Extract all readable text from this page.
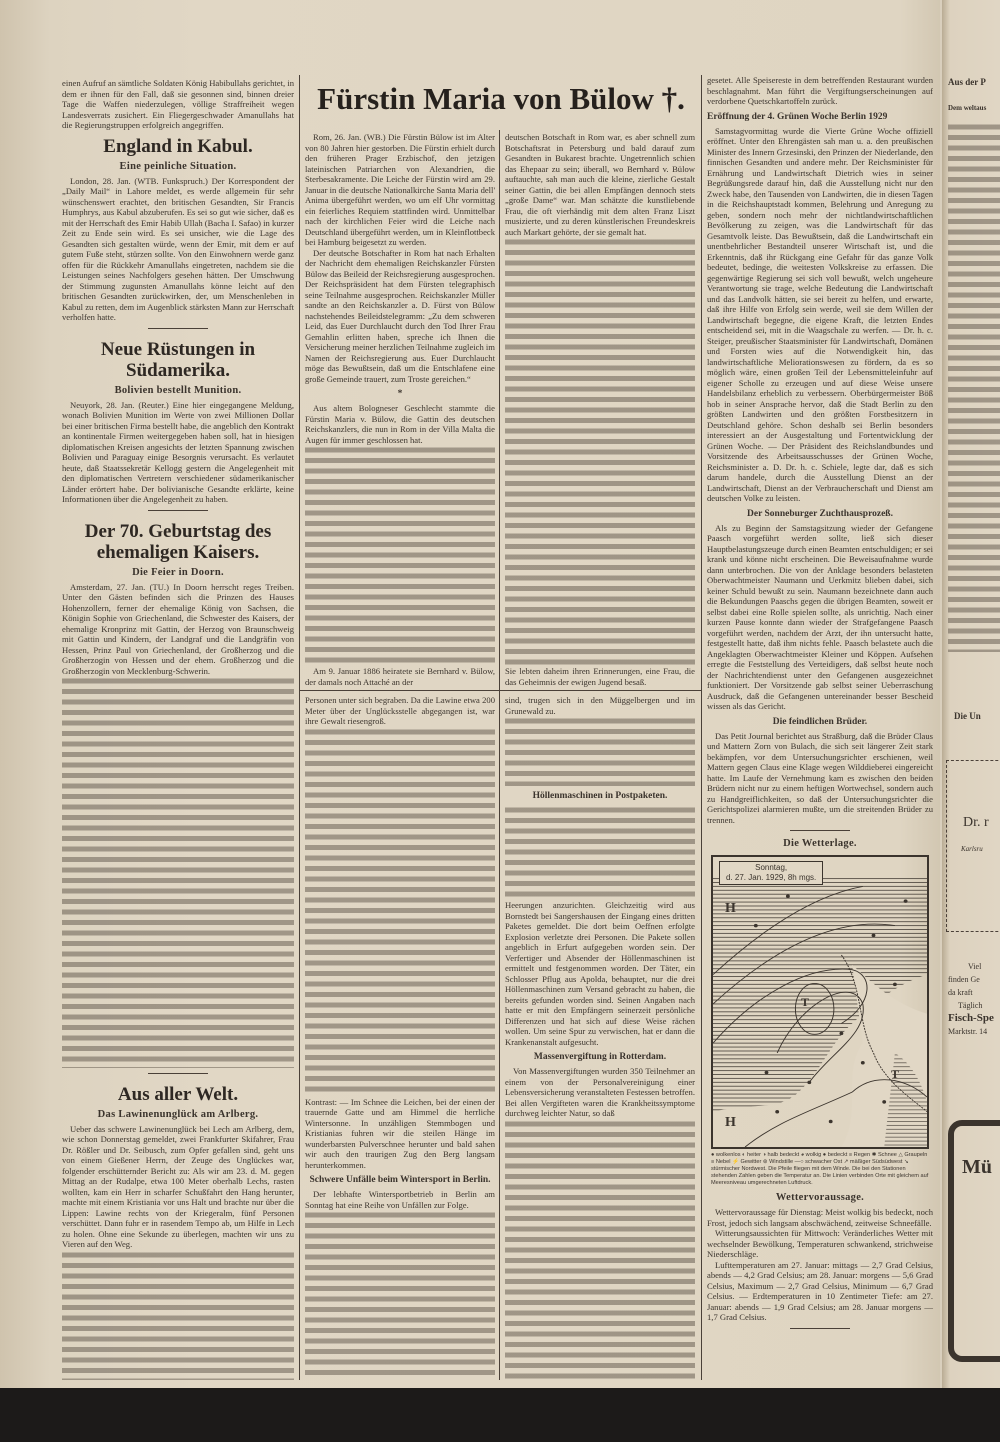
Fürstin Maria von Bülow †.

einen Aufruf an sämtliche Soldaten König Habibullahs gerichtet, in dem er ihnen für den Fall, daß sie gesonnen sind, binnen dreier Tage die Waffen niederzulegen, völlige Straffreiheit wegen Landesverrats zusichert. Ein Fliegergeschwader Amanullahs hat die Regierungstruppen erfolgreich angegriffen.

England in Kabul.
Eine peinliche Situation.

London, 28. Jan. (WTB. Funkspruch.) Der Korrespondent der „Daily Mail“ in Lahore meldet, es werde allgemein für sehr wünschenswert erachtet, den britischen Gesandten, Sir Francis Humphrys, aus Kabul abzuberufen. Es sei so gut wie sicher, daß es mit der Herrschaft des Emir Habib Ullah (Bacha I. Safao) in kurzer Zeit zu Ende sein wird. Es sei unsicher, wie die Lage des Gesandten sich gestalten würde, wenn der Emir, mit dem er auf gutem Fuße steht, stürzen sollte. Von den Einwohnern werde ganz offen für die Rückkehr Amanullahs eingetreten, nachdem sie die Leistungen seines Nachfolgers gesehen hätten. Der Umschwung der Stimmung zugunsten Amanullahs könne leicht auf den britischen Gesandten zurückwirken, der, um Menschenleben in Kabul zu retten, dem im Augenblick stärksten Mann zur Herrschaft verholfen hatte.

Neue Rüstungen in Südamerika.
Bolivien bestellt Munition.

Neuyork, 28. Jan. (Reuter.) Eine hier eingegangene Meldung, wonach Bolivien Munition im Werte von zwei Millionen Dollar bei einer britischen Firma bestellt habe, die angeblich den Kontrakt an kontinentale Firmen weitergegeben haben soll, hat in hiesigen diplomatischen Kreisen angesichts der letzten Spannung zwischen Bolivien und Paraguay einige Besorgnis verursacht. Es verlautet heute, daß Staatssekretär Kellogg gestern die Angelegenheit mit den diplomatischen Vertretern verschiedener südamerikanischer Länder erörtert habe. Der bolivianische Gesandte erklärte, keine Informationen über die Angelegenheit zu haben.

Der 70. Geburtstag des ehemaligen Kaisers.
Die Feier in Doorn.

Amsterdam, 27. Jan. (TU.) In Doorn herrscht reges Treiben. Unter den Gästen befinden sich die Prinzen des Hauses Hohenzollern, ferner der ehemalige König von Sachsen, die Königin Sophie von Griechenland, die Schwester des Kaisers, der ehemalige Kronprinz mit Gattin, der Herzog von Braunschweig mit Gattin und Kindern, der Landgraf und die Landgräfin von Hessen, Prinz Paul von Griechenland, der Großherzog und die Großherzogin von Hessen und der ehem. Großherzog und die Großherzogin von Mecklenburg-Schwerin.

Aus aller Welt.
Das Lawinenunglück am Arlberg.

Ueber das schwere Lawinenunglück bei Lech am Arlberg, dem, wie schon Donnerstag gemeldet, zwei Frankfurter Skifahrer, Frau Dr. Rößler und Dr. Seibusch, zum Opfer gefallen sind, geht uns von einem Gießener Herrn, der Zeuge des Unglückes war, folgender erschütternder Bericht zu: Als wir am 23. d. M. gegen Mittag an der Rudalpe, etwa 100 Meter oberhalb Lechs, rasten wollten, kam ein Herr in scharfer Schußfahrt den Hang herunter, machte mit einem Kristiania vor uns Halt und brachte nur über die Lippen: Lawine rechts von der Kriegeralm, fünf Personen verschüttet. Dann fuhr er in rasendem Tempo ab, um Hilfe in Lech zu holen. Ohne eine Sekunde zu überlegen, machten wir uns zu Vieren auf den Weg.

Rom, 26. Jan. (WB.) Die Fürstin Bülow ist im Alter von 80 Jahren hier gestorben. Die Fürstin erhielt durch den früheren Prager Erzbischof, den jetzigen lateinischen Patriarchen von Alexandrien, die Sterbesakramente. Die Leiche der Fürstin wird am 29. Januar in die deutsche Nationalkirche Santa Maria dell' Anima übergeführt werden, wo um elf Uhr vormittag ein feierliches Requiem stattfinden wird. Unmittelbar nach der kirchlichen Feier wird die Leiche nach Deutschland übergeführt werden, um in Kleinflottbeck bei Hamburg beigesetzt zu werden.

Der deutsche Botschafter in Rom hat nach Erhalten der Nachricht dem ehemaligen Reichskanzler Fürsten Bülow das Beileid der Reichsregierung ausgesprochen. Der Reichspräsident hat dem Fürsten telegraphisch seine Teilnahme ausgesprochen. Reichskanzler Müller sandte an den Reichskanzler a. D. Fürst von Bülow nachstehendes Beileidstelegramm: „Zu dem schweren Leid, das Euer Durchlaucht durch den Tod Ihrer Frau Gemahlin erlitten haben, spreche ich Ihnen die Versicherung meiner herzlichen Teilnahme zugleich im Namen der Reichsregierung aus. Euer Durchlaucht möge das Bewußtsein, daß um die Entschlafene eine große Gemeinde trauert, zum Troste gereichen.“

*

Aus altem Bologneser Geschlecht stammte die Fürstin Maria v. Bülow, die Gattin des deutschen Reichskanzlers, die nun in Rom in der Villa Malta die Augen für immer geschlossen hat.

Am 9. Januar 1886 heiratete sie Bernhard v. Bülow, der damals noch Attaché an der

deutschen Botschaft in Rom war, es aber schnell zum Botschaftsrat in Petersburg und bald darauf zum Gesandten in Bukarest brachte. Ungetrennlich schien das Ehepaar zu sein; überall, wo Bernhard v. Bülow auftauchte, sah man auch die kleine, zierliche Gestalt seiner Gattin, die bei allen Empfängen dennoch stets „große Dame“ war. Man schätzte die kunstliebende Frau, die oft vierhändig mit dem alten Franz Liszt musizierte, und zu deren künstlerischen Freundeskreis auch Markart gehörte, der sie gemalt hat.

Sie lebten daheim ihren Erinnerungen, eine Frau, die das Geheimnis der ewigen Jugend besaß.

Personen unter sich begraben. Da die Lawine etwa 200 Meter über der Unglücksstelle abgegangen ist, war ihre Gewalt riesengroß.

Kontrast: — Im Schnee die Leichen, bei der einen der trauernde Gatte und am Himmel die herrliche Wintersonne. In unzähligen Stemmbogen und Kristianias fuhren wir die steilen Hänge im wunderbarsten Pulverschnee herunter und bald sahen wir auch den traurigen Zug den Berg langsam herunterkommen.

Schwere Unfälle beim Wintersport in Berlin.

Der lebhafte Wintersportbetrieb in Berlin am Sonntag hat eine Reihe von Unfällen zur Folge.

sind, trugen sich in den Müggelbergen und im Grunewald zu.

Höllenmaschinen in Postpaketen.

Heerungen anzurichten. Gleichzeitig wird aus Bornstedt bei Sangershausen der Eingang eines dritten Paketes gemeldet. Die dort beim Oeffnen erfolgte Explosion verletzte drei Personen. Die Pakete sollen angeblich in Erfurt aufgegeben worden sein. Der Verfertiger und Absender der Höllenmaschinen ist ermittelt und festgenommen worden. Der Täter, ein Schlosser Pflug aus Apolda, behauptet, nur die drei Höllenmaschinen zum Versand gebracht zu haben, die bereits gefunden worden sind. Seinen Angaben nach hatte er mit den Empfängern seinerzeit persönliche Differenzen und hat sich auf diese Weise rächen wollen. Um seine Spur zu verwischen, hat er dann die Krankenanstalt aufgesucht.

Massenvergiftung in Rotterdam.

Von Massenvergiftungen wurden 350 Teilnehmer an einem von der Personalvereinigung einer Lebensversicherung veranstalteten Festessen betroffen. Bei allen Vergifteten waren die Krankheitssymptome durchweg leichter Natur, so daß

gesetet. Alle Speisereste in dem betreffenden Restaurant wurden beschlagnahmt. Man führt die Vergiftungserscheinungen auf verdorbene Quetschkartoffeln zurück.

Eröffnung der 4. Grünen Woche Berlin 1929

Samstagvormittag wurde die Vierte Grüne Woche offiziell eröffnet. Unter den Ehrengästen sah man u. a. den preußischen Minister des Innern Grzesinski, den Prinzen der Niederlande, den finnischen Gesandten und andere mehr. Der Reichsminister für Ernährung und Landwirtschaft Dietrich wies in seiner Begrüßungsrede darauf hin, daß die Ausstellung nicht nur den Zweck habe, den Tausenden von Landwirten, die in diesen Tagen in die Reichshauptstadt kommen, Belehrung und Anregung zu geben, sondern noch mehr der nichtlandwirtschaftlichen Bevölkerung zu zeigen, was die Landwirtschaft für das Gesamtvolk leiste. Das Bewußtsein, daß die Landwirtschaft ein unentbehrlicher Bestandteil unserer Wirtschaft ist, und die Erkenntnis, daß ihr Rückgang eine Gefahr für das ganze Volk bedeutet, bedinge, die weitesten Volkskreise zu erfassen. Die gegenwärtige Regierung sei sich voll bewußt, welch ungeheure Verantwortung sie trage, welche Bedeutung die Landwirtschaft und das Landvolk hätten, sie sei bereit zu helfen, und erwarte, daß ihre Hilfe von Erfolg sein werde, weil sie dem Willen der Landwirtschaft begegne, die eigene Kraft, die letzten Endes entscheidend sei, mit in die Waagschale zu werfen. — Dr. h. c. Steiger, preußischer Staatsminister für Landwirtschaft, Domänen und Forsten wies auf die Notwendigkeit hin, das landwirtschaftliche Meliorationswesen zu fördern, da es so möglich wäre, einen großen Teil der Lebensmitteleinfuhr auf eigener Scholle zu erzeugen und auf diese Weise unsere Handelsbilanz erheblich zu verbessern. Oberbürgermeister Böß hob in seiner Ansprache hervor, daß die Stadt Berlin zu den größten Landwirten und den größten Forstbesitzern in Deutschland gehöre. Schon deshalb sei Berlin besonders interessiert an der Ausgestaltung und Fortentwicklung der Grünen Woche. — Der Präsident des Reichslandbundes und Vorsitzende des Arbeitsausschusses der Grünen Woche, Reichsminister a. D. Dr. h. c. Schiele, legte dar, daß es sich darum handele, durch die Ausstellung Dienst an der Landwirtschaft, Dienst an der Verbraucherschaft und Dienst am deutschen Volke zu leisten.

Der Sonneburger Zuchthausprozeß.

Als zu Beginn der Samstagsitzung wieder der Gefangene Paasch vorgeführt werden sollte, ließ sich dieser Hauptbelastungszeuge durch einen Beamten entschuldigen; er sei krank und könne nicht erscheinen. Die Beweisaufnahme wurde dann unterbrochen. Die von der Anklage besonders belasteten Oberwachtmeister Naumann und Uerkmitz blieben dabei, sich keiner Schuld bewußt zu sein. Naumann bezeichnete dann auch die Bekundungen Paaschs gegen die übrigen Beamten, soweit er selbst dabei eine Rolle spielen sollte, als unrichtig. Nach einer kurzen Pause konnte dann wieder der Strafgefangene Paasch vorgeführt werden, nachdem der Arzt, der ihn untersucht hatte, festgestellt hatte, daß ihm nichts fehle. Paasch belastete auch die Angeklagten Oberwachtmeister Kleiner und Köppen. Aufsehen erregte die Feststellung des Verteidigers, daß selbst heute noch der Nachrichtendienst unter den Gefangenen ausgezeichnet funktioniert. Der Vorsitzende gab selbst seiner Ueberraschung Ausdruck, daß die Gefangenen untereinander besser Bescheid wissen als das Gericht.

Die feindlichen Brüder.

Das Petit Journal berichtet aus Straßburg, daß die Brüder Claus und Mattern Zorn von Bulach, die sich seit längerer Zeit stark bekämpfen, vor dem Untersuchungsrichter erschienen, weil Mattern gegen Claus eine Klage wegen Wilddieberei eingereicht hatte. Im Laufe der Vernehmung kam es zwischen den beiden Brüdern nicht nur zu einem heftigen Wortwechsel, sondern auch zu Handgreiflichkeiten, so daß der Untersuchungsrichter die Gerichtspolizei alarmieren mußte, um die streitenden Brüder zu trennen.

Die Wetterlage.
Sonntag,
d. 27. Jan. 1929, 8h mgs.
H
H
T
T
● wolkenlos ◐ heiter ◑ halb bedeckt ◕ wolkig ● bedeckt ≡ Regen ✱ Schnee △ Graupeln ≡ Nebel ⚡ Gewitter ⊚ Windstille —○ schwacher Ost ↗ mäßiger Südsüdwest ↘ stürmischer Nordwest. Die Pfeile fliegen mit dem Winde. Die bei den Stationen stehenden Zahlen geben die Temperatur an. Die Linien verbinden Orte mit gleichem auf Meeresniveau umgerechneten Luftdruck.
Wettervoraussage.

Wettervoraussage für Dienstag: Meist wolkig bis bedeckt, noch Frost, jedoch sich langsam abschwächend, zeitweise Schneefälle.

Witterungsaussichten für Mittwoch: Veränderliches Wetter mit wechselnder Bewölkung, Temperaturen schwankend, strichweise Niederschläge.

Lufttemperaturen am 27. Januar: mittags — 2,7 Grad Celsius, abends — 4,2 Grad Celsius; am 28. Januar: morgens — 5,6 Grad Celsius, Maximum — 2,7 Grad Celsius, Minimum — 6,7 Grad Celsius. — Erdtemperaturen in 10 Zentimeter Tiefe: am 27. Januar: abends — 1,9 Grad Celsius; am 28. Januar morgens — 1,7 Grad Celsius.

Aus der P
Dem weltaus
Die Un
Dr. r
Karlsru
Viel
finden Ge
da kraft
Täglich
Fisch-Spe
Marktstr. 14
Mü
